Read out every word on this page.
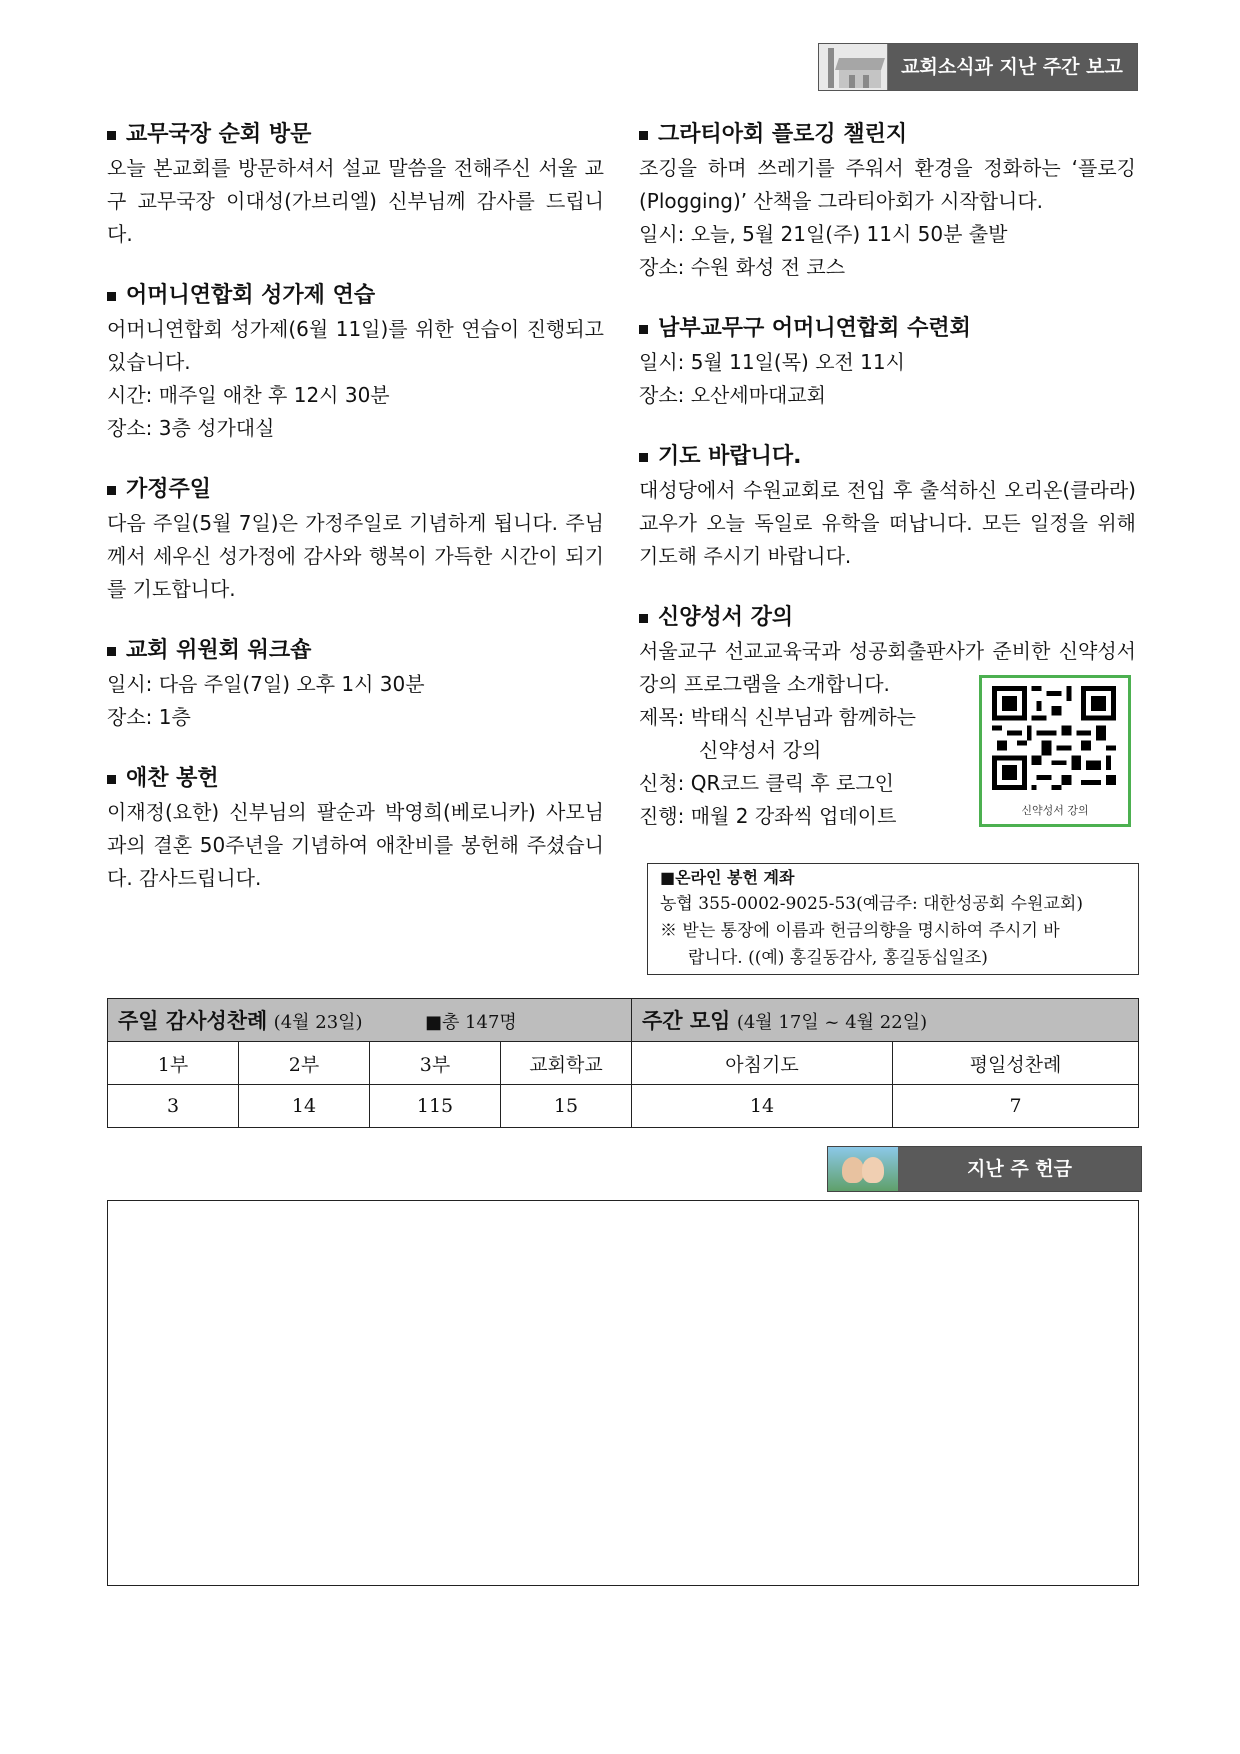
교회소식과 지난 주간 보고
교무국장 순회 방문

오늘 본교회를 방문하셔서 설교 말씀을 전해주신 서울 교구 교무국장 이대성(가브리엘) 신부님께 감사를 드립니다.

어머니연합회 성가제 연습

어머니연합회 성가제(6월 11일)를 위한 연습이 진행되고 있습니다.

시간: 매주일 애찬 후 12시 30분
장소: 3층 성가대실
가정주일

다음 주일(5월 7일)은 가정주일로 기념하게 됩니다. 주님께서 세우신 성가정에 감사와 행복이 가득한 시간이 되기를 기도합니다.

교회 위원회 워크숍
일시: 다음 주일(7일) 오후 1시 30분
장소: 1층
애찬 봉헌

이재정(요한) 신부님의 팔순과 박영희(베로니카) 사모님과의 결혼 50주년을 기념하여 애찬비를 봉헌해 주셨습니다. 감사드립니다.

그라티아회 플로깅 챌린지

조깅을 하며 쓰레기를 주워서 환경을 정화하는 ‘플로깅(Plogging)’ 산책을 그라티아회가 시작합니다.

일시: 오늘, 5월 21일(주) 11시 50분 출발
장소: 수원 화성 전 코스
남부교무구 어머니연합회 수련회
일시: 5월 11일(목) 오전 11시
장소: 오산세마대교회
기도 바랍니다.

대성당에서 수원교회로 전입 후 출석하신 오리온(클라라) 교우가 오늘 독일로 유학을 떠납니다. 모든 일정을 위해 기도해 주시기 바랍니다.

신양성서 강의

서울교구 선교교육국과 성공회출판사가 준비한 신약성서 강의 프로그램을 소개합니다.

제목: 박태식 신부님과 함께하는
신약성서 강의
신청: QR코드 클릭 후 로그인
진행: 매월 2 강좌씩 업데이트	신약성서 강의
■온라인 봉헌 계좌
농협 355-0002-9025-53(예금주: 대한성공회 수원교회)
※ 받는 통장에 이름과 헌금의향을 명시하여 주시기 바
랍니다. ((예) 홍길동감사, 홍길동십일조)
주일 감사성찬례 (4월 23일) ■총 147명				주간 모임 (4월 17일 ~ 4월 22일)	
1부	2부	3부	교회학교	아침기도	평일성찬례
3	14	115	15	14	7
지난 주 헌금
